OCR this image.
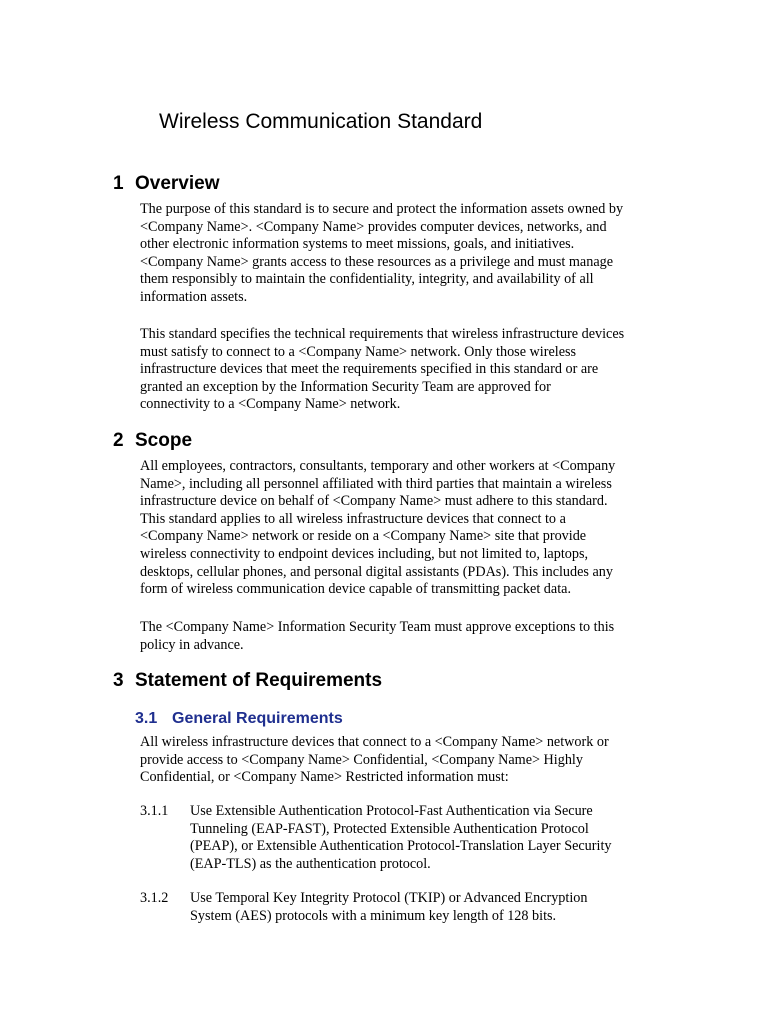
Wireless Communication Standard
1 Overview

The purpose of this standard is to secure and protect the information assets owned by
<Company Name>. <Company Name> provides computer devices, networks, and
other electronic information systems to meet missions, goals, and initiatives.
<Company Name> grants access to these resources as a privilege and must manage
them responsibly to maintain the confidentiality, integrity, and availability of all
information assets.

This standard specifies the technical requirements that wireless infrastructure devices
must satisfy to connect to a <Company Name> network. Only those wireless
infrastructure devices that meet the requirements specified in this standard or are
granted an exception by the Information Security Team are approved for
connectivity to a <Company Name> network.

2 Scope

All employees, contractors, consultants, temporary and other workers at <Company
Name>, including all personnel affiliated with third parties that maintain a wireless
infrastructure device on behalf of <Company Name> must adhere to this standard.
This standard applies to all wireless infrastructure devices that connect to a
<Company Name> network or reside on a <Company Name> site that provide
wireless connectivity to endpoint devices including, but not limited to, laptops,
desktops, cellular phones, and personal digital assistants (PDAs). This includes any
form of wireless communication device capable of transmitting packet data.

The <Company Name> Information Security Team must approve exceptions to this
policy in advance.

3 Statement of Requirements
3.1 General Requirements

All wireless infrastructure devices that connect to a <Company Name> network or
provide access to <Company Name> Confidential, <Company Name> Highly
Confidential, or <Company Name> Restricted information must:

3.1.1 Use Extensible Authentication Protocol-Fast Authentication via Secure
Tunneling (EAP-FAST), Protected Extensible Authentication Protocol
(PEAP), or Extensible Authentication Protocol-Translation Layer Security
(EAP-TLS) as the authentication protocol.
3.1.2 Use Temporal Key Integrity Protocol (TKIP) or Advanced Encryption
System (AES) protocols with a minimum key length of 128 bits.
